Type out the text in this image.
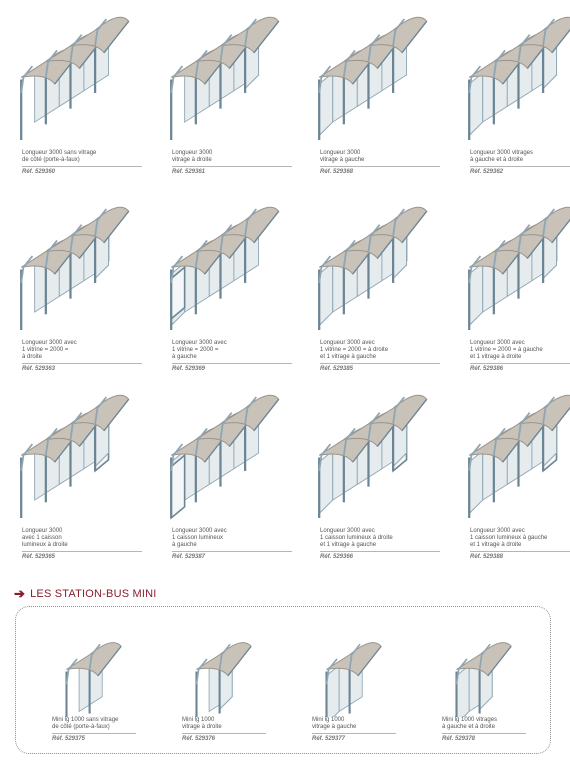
Longueur 3000 sans vitrage
de côté (porte-à-faux)
Réf. 529360
Longueur 3000
vitrage à droite
Réf. 529361
Longueur 3000
vitrage à gauche
Réf. 529368
Longueur 3000 vitrages
à gauche et à droite
Réf. 529362
Longueur 3000 avec
1 vitrine = 2000 =
à droite
Réf. 529363
Longueur 3000 avec
1 vitrine = 2000 =
à gauche
Réf. 529369
Longueur 3000 avec
1 vitrine = 2000 = à droite
et 1 vitrage à gauche
Réf. 529385
Longueur 3000 avec
1 vitrine = 2000 = à gauche
et 1 vitrage à droite
Réf. 529386
Longueur 3000
avec 1 caisson
lumineux à droite
Réf. 529365
Longueur 3000 avec
1 caisson lumineux
à gauche
Réf. 529387
Longueur 3000 avec
1 caisson lumineux à droite
et 1 vitrage à gauche
Réf. 529366
Longueur 3000 avec
1 caisson lumineux à gauche
et 1 vitrage à droite
Réf. 529388
➔ LES STATION-BUS MINI
Mini lg 1000 sans vitrage
de côté (porte-à-faux)
Réf. 529375
Mini lg 1000
vitrage à droite
Réf. 529376
Mini lg 1000
vitrage à gauche
Réf. 529377
Mini lg 1000 vitrages
à gauche et à droite
Réf. 529378
